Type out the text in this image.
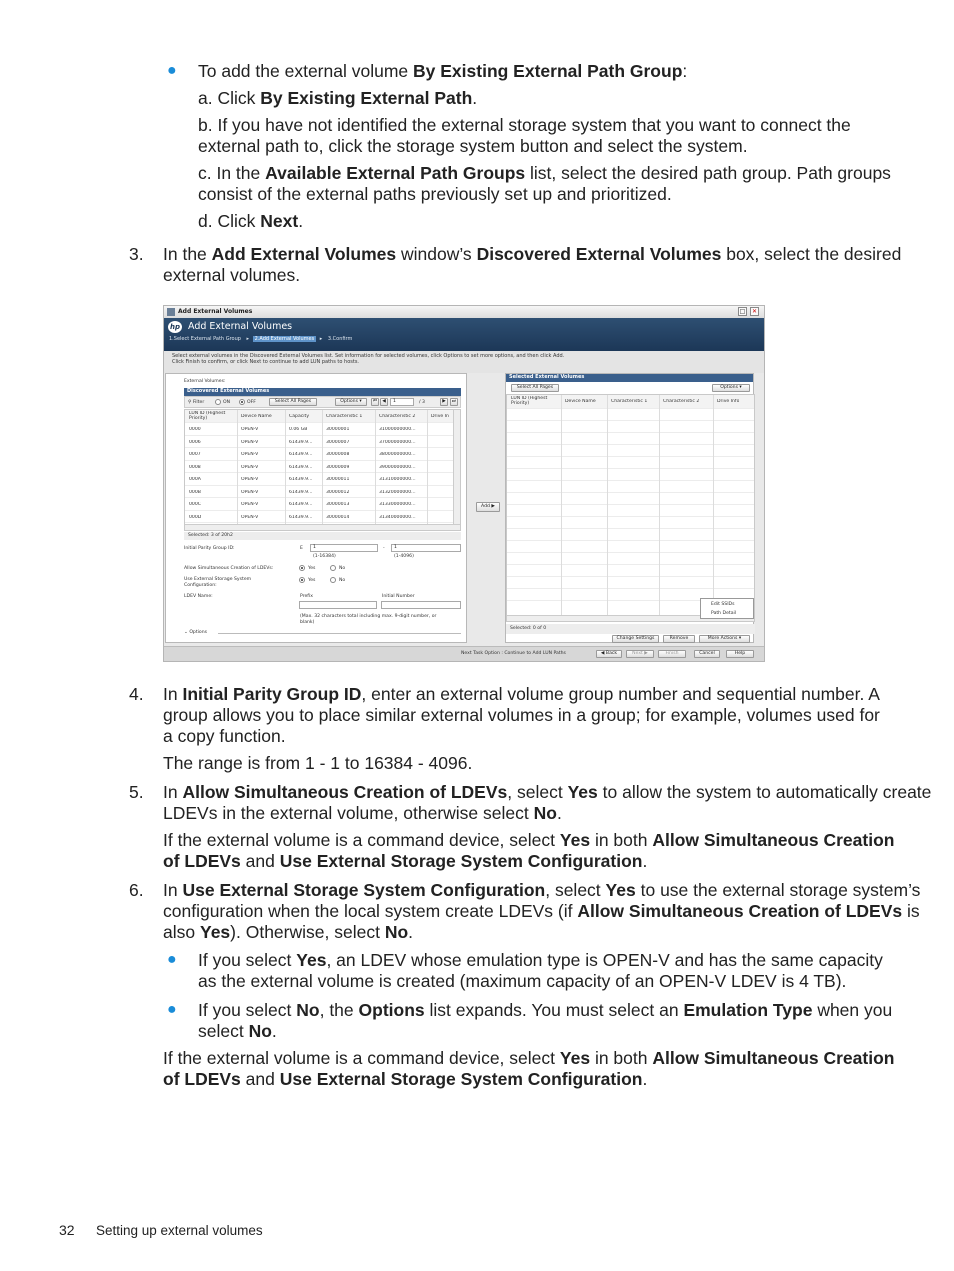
● To add the external volume By Existing External Path Group:

a. Click By Existing External Path.

b. If you have not identified the external storage system that you want to connect the

external path to, click the storage system button and select the system.

c. In the Available External Path Groups list, select the desired path group. Path groups

consist of the external paths previously set up and prioritized.

d. Click Next.

3. In the Add External Volumes window’s Discovered External Volumes box, select the desired

external volumes.

Add External Volumes	□	✕
hp Add External Volumes
1.Select External Path Group ▸ 2.Add External Volumes ▸ 3.Confirm
Select external volumes in the Discovered External Volumes list. Set information for selected volumes, click Options to set more options, and then click Add.
Click Finish to confirm, or click Next to continue to add LUN paths to hosts.
External Volumes:
Discovered External Volumes
⚲ Filter	ON	OFF	Select All Pages	Options ▾	⏮	◀	1	/ 3	▶	⏭
LUN ID (Highest Priority)	Device Name	Capacity	Characteristic 1	Characteristic 2	Drive In
0000	OPEN-V	0.06 GB	30000001	31000000000...
0006	OPEN-V	61439.9...	30000007	37000000000...
0007	OPEN-V	61439.9...	30000008	38000000000...
0008	OPEN-V	61439.9...	30000009	39000000000...
000A	OPEN-V	61439.9...	30000011	31310000000...
000B	OPEN-V	61439.9...	30000012	31320000000...
000C	OPEN-V	61439.9...	30000013	31330000000...
000D	OPEN-V	61439.9...	30000014	31340000000...
Selected: 3 of 20h2
Initial Parity Group ID:	E	1
(1-16384)
-	1
(1-4096)
Allow Simultaneous Creation of LDEVs:	Yes	No
Use External Storage System
Configuration:
Yes	No
LDEV Name:	Prefix	Initial Number
(Max. 32 characters total including max. 9-digit number, or
blank)
⌄ Options
Add ▶
Selected External Volumes
Select All Pages	Options ▾
LUN ID (Highest Priority)	Device Name	Characteristic 1	Characteristic 2	Drive Info
Edit SSIDs
Path Detail
Selected: 0 of 0
Change Settings	Remove	More Actions ▾
Next Task Option : Continue to Add LUN Paths	◀ Back	Next ▶	Finish	Cancel	Help
4. In Initial Parity Group ID, enter an external volume group number and sequential number. A

group allows you to place similar external volumes in a group; for example, volumes used for

a copy function.

The range is from 1 - 1 to 16384 - 4096.

5. In Allow Simultaneous Creation of LDEVs, select Yes to allow the system to automatically create

LDEVs in the external volume, otherwise select No.

If the external volume is a command device, select Yes in both Allow Simultaneous Creation

of LDEVs and Use External Storage System Configuration.

6. In Use External Storage System Configuration, select Yes to use the external storage system’s

configuration when the local system create LDEVs (if Allow Simultaneous Creation of LDEVs is

also Yes). Otherwise, select No.

● If you select Yes, an LDEV whose emulation type is OPEN-V and has the same capacity

as the external volume is created (maximum capacity of an OPEN-V LDEV is 4 TB).

● If you select No, the Options list expands. You must select an Emulation Type when you

select No.

If the external volume is a command device, select Yes in both Allow Simultaneous Creation

of LDEVs and Use External Storage System Configuration.

32 Setting up external volumes
